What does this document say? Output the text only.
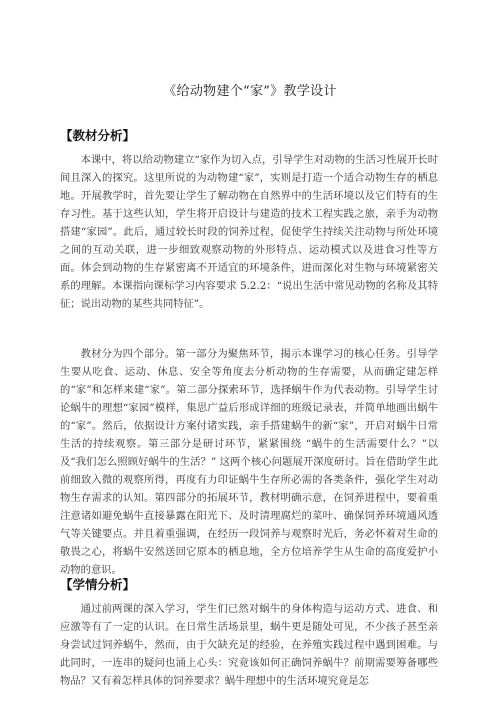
《给动物建个“家”》教学设计
【教材分析】

本课中，将以给动物建立“家作为切入点，引导学生对动物的生活习性展开长时间且深入的探究。这里所说的为动物建“家”，实则是打造一个适合动物生存的栖息地。开展教学时，首先要让学生了解动物在自然界中的生活环境以及它们特有的生存习性。基于这些认知，学生将开启设计与建造的技术工程实践之旅，亲手为动物搭建“家园”。此后，通过较长时段的饲养过程，促使学生持续关注动物与所处环境之间的互动关联，进一步细致观察动物的外形特点、运动模式以及进食习性等方面。体会到动物的生存紧密离不开适宜的环境条件，进而深化对生物与环境紧密关系的理解。本课指向课标学习内容要求 5.2.2：“说出生活中常见动物的名称及其特征；说出动物的某些共同特征”。

教材分为四个部分。第一部分为聚焦环节，揭示本课学习的核心任务。引导学生要从吃食、运动、休息、安全等角度去分析动物的生存需要，从而确定建怎样的“家”和怎样来建“家”。第二部分探索环节，选择蜗牛作为代表动物。引导学生讨论蜗牛的理想“家园”模样，集思广益后形成详细的班级记录表，并简单地画出蜗牛的“家”。然后，依据设计方案付诸实践，亲手搭建蜗牛的新“家”，开启对蜗牛日常生活的持续观察。第三部分是研讨环节，紧紧围绕 “蜗牛的生活需要什么？”以及“我们怎么照顾好蜗牛的生活？” 这两个核心问题展开深度研讨。旨在借助学生此前细致入微的观察所得，再度有力印证蜗牛生存所必需的各类条件，强化学生对动物生存需求的认知。第四部分的拓展环节，教材明确示意，在饲养进程中，要着重注意诸如避免蜗牛直接暴露在阳光下、及时清理腐烂的菜叶、确保饲养环境通风透气等关键要点。并且着重强调，在经历一段饲养与观察时光后，务必怀着对生命的敬畏之心，将蜗牛安然送回它原本的栖息地，全方位培养学生从生命的高度爱护小动物的意识。

【学情分析】

通过前两课的深入学习，学生们已然对蜗牛的身体构造与运动方式、进食、和应激等有了一定的认识。在日常生活场景里，蜗牛更是随处可见，不少孩子甚至亲身尝试过饲养蜗牛，然而，由于欠缺充足的经验，在养殖实践过程中遇到困难。与此同时，一连串的疑问也涌上心头：究竟该如何正确饲养蜗牛？前期需要筹备哪些物品？又有着怎样具体的饲养要求？蜗牛理想中的生活环境究竟是怎
